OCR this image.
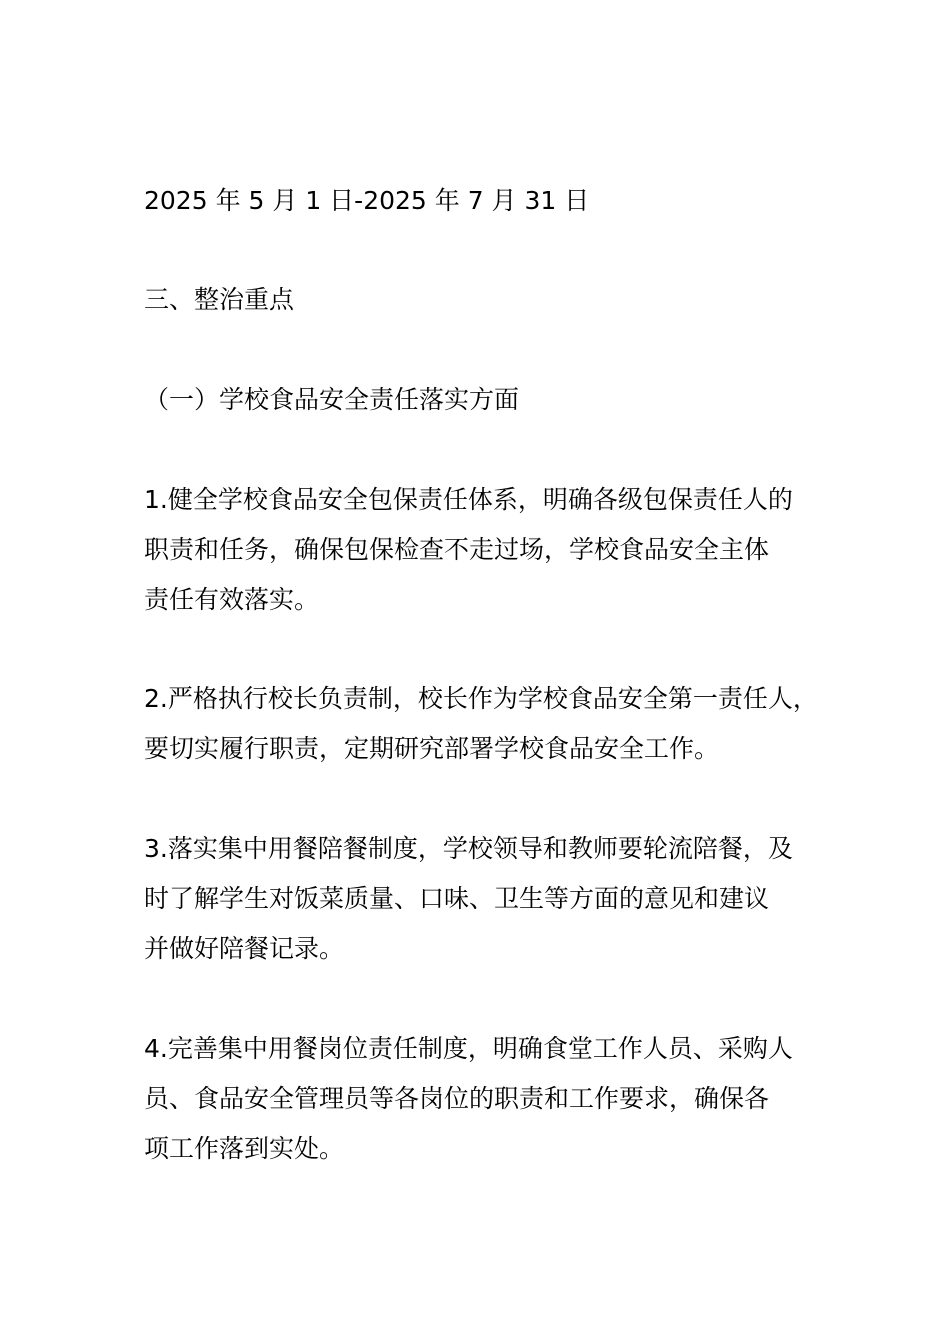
2025 年 5 月 1 日-2025 年 7 月 31 日
三、整治重点
（一）学校食品安全责任落实方面
1.健全学校食品安全包保责任体系，明确各级包保责任人的
职责和任务，确保包保检查不走过场，学校食品安全主体
责任有效落实。
2.严格执行校长负责制，校长作为学校食品安全第一责任人，
要切实履行职责，定期研究部署学校食品安全工作。
3.落实集中用餐陪餐制度，学校领导和教师要轮流陪餐，及
时了解学生对饭菜质量、口味、卫生等方面的意见和建议
并做好陪餐记录。
4.完善集中用餐岗位责任制度，明确食堂工作人员、采购人
员、食品安全管理员等各岗位的职责和工作要求，确保各
项工作落到实处。
